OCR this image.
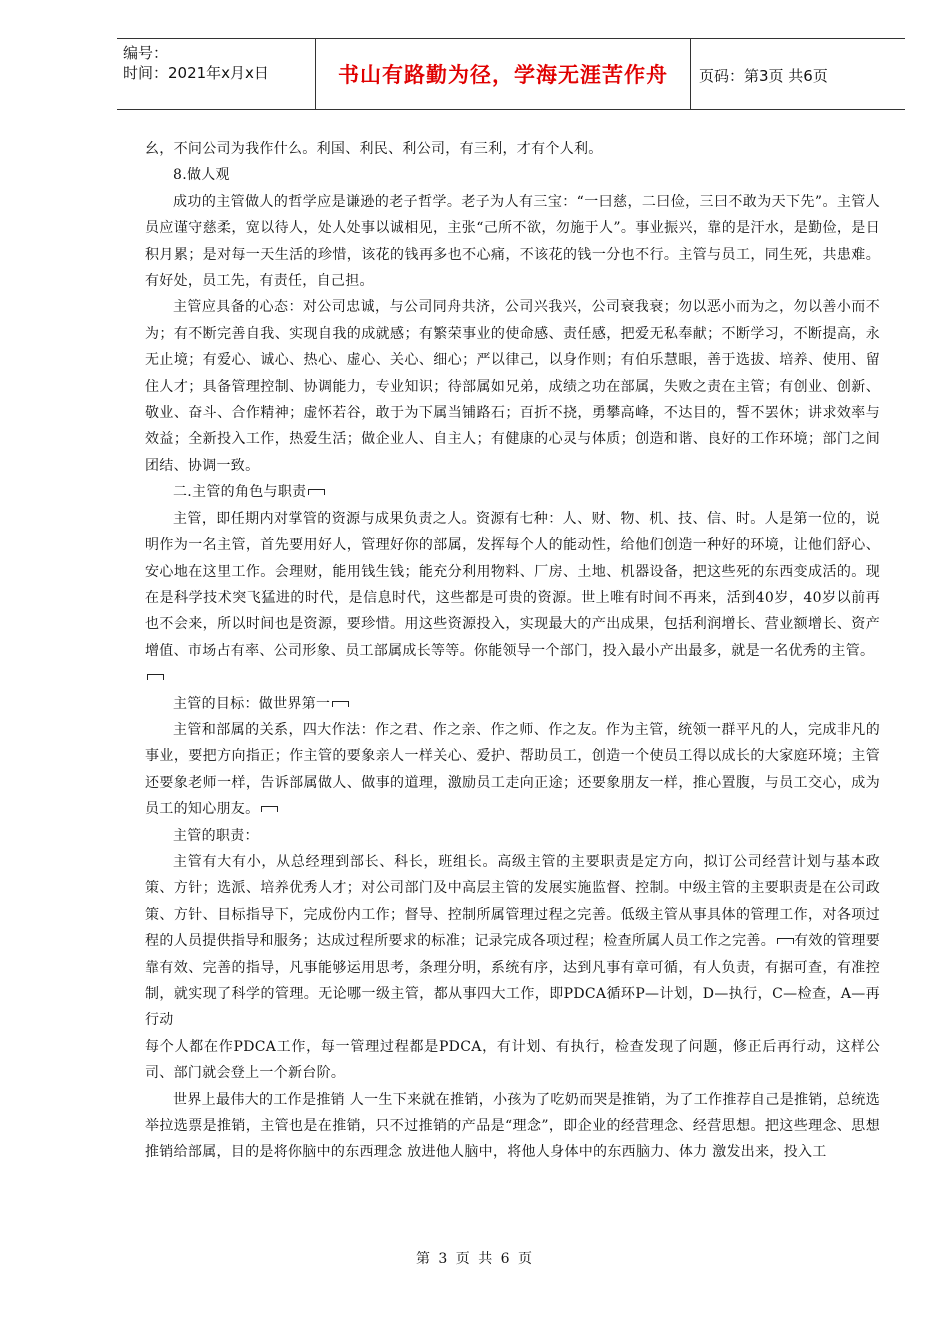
编号：
时间：2021年x月x日	书山有路勤为径，学海无涯苦作舟 页码：第3页 共6页

幺，不问公司为我作什么。利国、利民、利公司，有三利，才有个人利。

8.做人观

成功的主管做人的哲学应是谦逊的老子哲学。老子为人有三宝：“一曰慈，二曰俭，三曰不敢为天下先”。主管人员应谨守慈柔，宽以待人，处人处事以诚相见，主张“己所不欲，勿施于人”。事业振兴，靠的是汗水，是勤俭，是日积月累；是对每一天生活的珍惜，该花的钱再多也不心痛，不该花的钱一分也不行。主管与员工，同生死，共患难。有好处，员工先，有责任，自己担。

主管应具备的心态：对公司忠诚，与公司同舟共济，公司兴我兴，公司衰我衰；勿以恶小而为之，勿以善小而不为；有不断完善自我、实现自我的成就感；有繁荣事业的使命感、责任感，把爱无私奉献；不断学习，不断提高，永无止境；有爱心、诚心、热心、虚心、关心、细心；严以律己，以身作则；有伯乐慧眼，善于选拔、培养、使用、留住人才；具备管理控制、协调能力，专业知识；待部属如兄弟，成绩之功在部属，失败之责在主管；有创业、创新、敬业、奋斗、合作精神；虚怀若谷，敢于为下属当铺路石；百折不挠，勇攀高峰，不达目的，誓不罢休；讲求效率与效益；全新投入工作，热爱生活；做企业人、自主人；有健康的心灵与体质；创造和谐、良好的工作环境；部门之间团结、协调一致。

二.主管的角色与职责

主管，即任期内对掌管的资源与成果负责之人。资源有七种：人、财、物、机、技、信、时。人是第一位的，说明作为一名主管，首先要用好人，管理好你的部属，发挥每个人的能动性，给他们创造一种好的环境，让他们舒心、安心地在这里工作。会理财，能用钱生钱；能充分利用物料、厂房、土地、机器设备，把这些死的东西变成活的。现在是科学技术突飞猛进的时代，是信息时代，这些都是可贵的资源。世上唯有时间不再来，活到40岁，40岁以前再也不会来，所以时间也是资源，要珍惜。用这些资源投入，实现最大的产出成果，包括利润增长、营业额增长、资产增值、市场占有率、公司形象、员工部属成长等等。你能领导一个部门，投入最小产出最多，就是一名优秀的主管。

主管的目标：做世界第一

主管和部属的关系，四大作法：作之君、作之亲、作之师、作之友。作为主管，统领一群平凡的人，完成非凡的事业，要把方向指正；作主管的要象亲人一样关心、爱护、帮助员工，创造一个使员工得以成长的大家庭环境；主管还要象老师一样，告诉部属做人、做事的道理，激励员工走向正途；还要象朋友一样，推心置腹，与员工交心，成为员工的知心朋友。

主管的职责：

主管有大有小，从总经理到部长、科长，班组长。高级主管的主要职责是定方向，拟订公司经营计划与基本政策、方针；选派、培养优秀人才；对公司部门及中高层主管的发展实施监督、控制。中级主管的主要职责是在公司政策、方针、目标指导下，完成份内工作；督导、控制所属管理过程之完善。低级主管从事具体的管理工作，对各项过程的人员提供指导和服务；达成过程所要求的标准；记录完成各项过程；检查所属人员工作之完善。 有效的管理要靠有效、完善的指导，凡事能够运用思考，条理分明，系统有序，达到凡事有章可循，有人负责，有据可查，有准控制，就实现了科学的管理。无论哪一级主管，都从事四大工作，即PDCA循环P—计划，D—执行，C—检查，A—再行动

每个人都在作PDCA工作，每一管理过程都是PDCA，有计划、有执行，检查发现了问题，修正后再行动，这样公司、部门就会登上一个新台阶。

世界上最伟大的工作是推销 人一生下来就在推销，小孩为了吃奶而哭是推销，为了工作推荐自己是推销，总统选举拉选票是推销，主管也是在推销，只不过推销的产品是“理念”，即企业的经营理念、经营思想。把这些理念、思想推销给部属，目的是将你脑中的东西理念 放进他人脑中，将他人身体中的东西脑力、体力 激发出来，投入工

第 3 页 共 6 页
